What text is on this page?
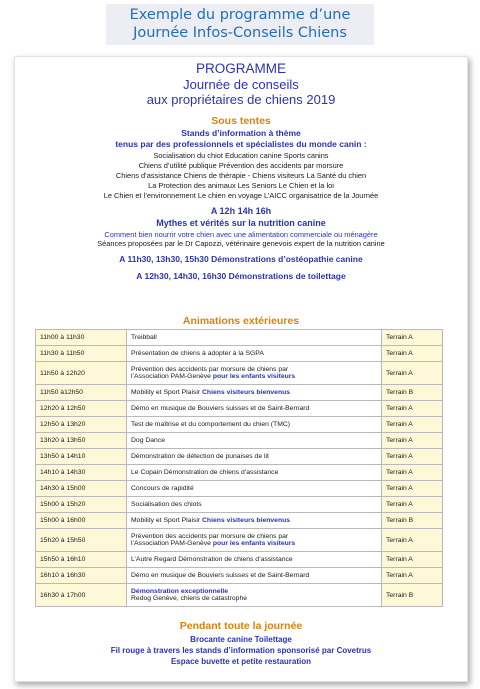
Exemple du programme d’une
Journée Infos-Conseils Chiens
PROGRAMME
Journée de conseils
aux propriétaires de chiens 2019
Sous tentes
Stands d’information à thème
tenus par des professionnels et spécialistes du monde canin :
Socialisation du chiot Education canine Sports canins
Chiens d’utilité publique Prévention des accidents par morsure
Chiens d’assistance Chiens de thérapie - Chiens visiteurs La Santé du chien
La Protection des animaux Les Seniors Le Chien et la loi
Le Chien et l’environnement Le chien en voyage L’AICC organisatrice de la Journée
A 12h 14h 16h
Mythes et vérités sur la nutrition canine
Comment bien nourrir votre chien avec une alimentation commerciale ou ménagère
Séances proposées par le Dr Capozzi, vétérinaire genevois expert de la nutrition canine
A 11h30, 13h30, 15h30 Démonstrations d’ostéopathie canine
A 12h30, 14h30, 16h30 Démonstrations de toilettage
Animations extérieures
11h00 à 11h30	Treibball	Terrain A
11h30 à 11h50	Présentation de chiens à adopter à la SGPA	Terrain A
11h50 à 12h20	Prévention des accidents par morsure de chiens par
l’Association PAM-Genève pour les enfants visiteurs	Terrain A
11h50 à12h50	Mobility et Sport Plaisir Chiens visiteurs bienvenus	Terrain B
12h20 à 12h50	Démo en musique de Bouviers suisses et de Saint-Bernard	Terrain A
12h50 à 13h20	Test de maîtrise et du comportement du chien (TMC)	Terrain A
13h20 à 13h50	Dog Dance	Terrain A
13h50 à 14h10	Démonstration de détection de punaises de lit	Terrain A
14h10 à 14h30	Le Copain Démonstration de chiens d’assistance	Terrain A
14h30 à 15h00	Concours de rapidité	Terrain A
15h00 à 15h20	Socialisation des chiots	Terrain A
15h00 à 16h00	Mobility et Sport Plaisir Chiens visiteurs bienvenus	Terrain B
15h20 à 15h50	Prévention des accidents par morsure de chiens par
l’Association PAM-Genève pour les enfants visiteurs	Terrain A
15h50 à 16h10	L’Autre Regard Démonstration de chiens d’assistance	Terrain A
16h10 à 16h30	Démo en musique de Bouviers suisses et de Saint-Bernard	Terrain A
16h30 à 17h00	Démonstration exceptionnelle
Redog Genève, chiens de catastrophe	Terrain B
Pendant toute la journée
Brocante canine Toilettage
Fil rouge à travers les stands d’information sponsorisé par Covetrus
Espace buvette et petite restauration
